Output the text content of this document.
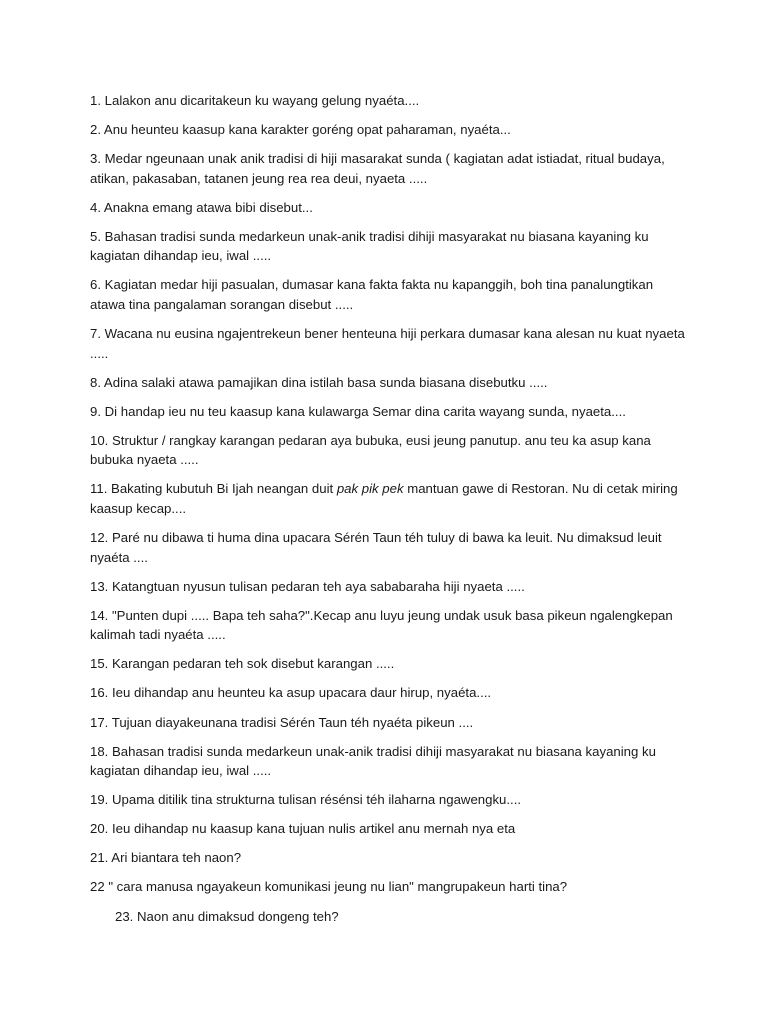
1. Lalakon anu dicaritakeun ku wayang gelung nyaéta....
2. Anu heunteu kaasup kana karakter goréng opat paharaman, nyaéta...
3. Medar ngeunaan unak anik tradisi di hiji masarakat sunda ( kagiatan adat istiadat, ritual budaya, atikan, pakasaban, tatanen jeung rea rea deui, nyaeta .....
4. Anakna emang atawa bibi disebut...
5. Bahasan tradisi sunda medarkeun unak-anik tradisi dihiji masyarakat nu biasana kayaning ku kagiatan dihandap ieu, iwal .....
6. Kagiatan medar hiji pasualan, dumasar kana fakta fakta nu kapanggih, boh tina panalungtikan atawa tina pangalaman sorangan disebut .....
7. Wacana nu eusina ngajentrekeun bener henteuna hiji perkara dumasar kana alesan nu kuat nyaeta .....
8. Adina salaki atawa pamajikan dina istilah basa sunda biasana disebutku .....
9. Di handap ieu nu teu kaasup kana kulawarga Semar dina carita wayang sunda, nyaeta....
10. Struktur / rangkay karangan pedaran aya bubuka, eusi jeung panutup. anu teu ka asup kana bubuka nyaeta .....
11. Bakating kubutuh Bi Ijah neangan duit pak pik pek mantuan gawe di Restoran. Nu di cetak miring kaasup kecap....
12. Paré nu dibawa ti huma dina upacara Sérén Taun téh tuluy di bawa ka leuit. Nu dimaksud leuit nyaéta ....
13. Katangtuan nyusun tulisan pedaran teh aya sababaraha hiji nyaeta .....
14. "Punten dupi ..... Bapa teh saha?".Kecap anu luyu jeung undak usuk basa pikeun ngalengkepan kalimah tadi nyaéta .....
15. Karangan pedaran teh sok disebut karangan .....
16. Ieu dihandap anu heunteu ka asup upacara daur hirup, nyaéta....
17. Tujuan diayakeunana tradisi Sérén Taun téh nyaéta pikeun ....
18. Bahasan tradisi sunda medarkeun unak-anik tradisi dihiji masyarakat nu biasana kayaning ku kagiatan dihandap ieu, iwal .....
19. Upama ditilik tina strukturna tulisan résénsi téh ilaharna ngawengku....
20. Ieu dihandap nu kaasup kana tujuan nulis artikel anu mernah nya eta
21. Ari biantara teh naon?
22 " cara manusa ngayakeun komunikasi jeung nu lian" mangrupakeun harti tina?
23. Naon anu dimaksud dongeng teh?
